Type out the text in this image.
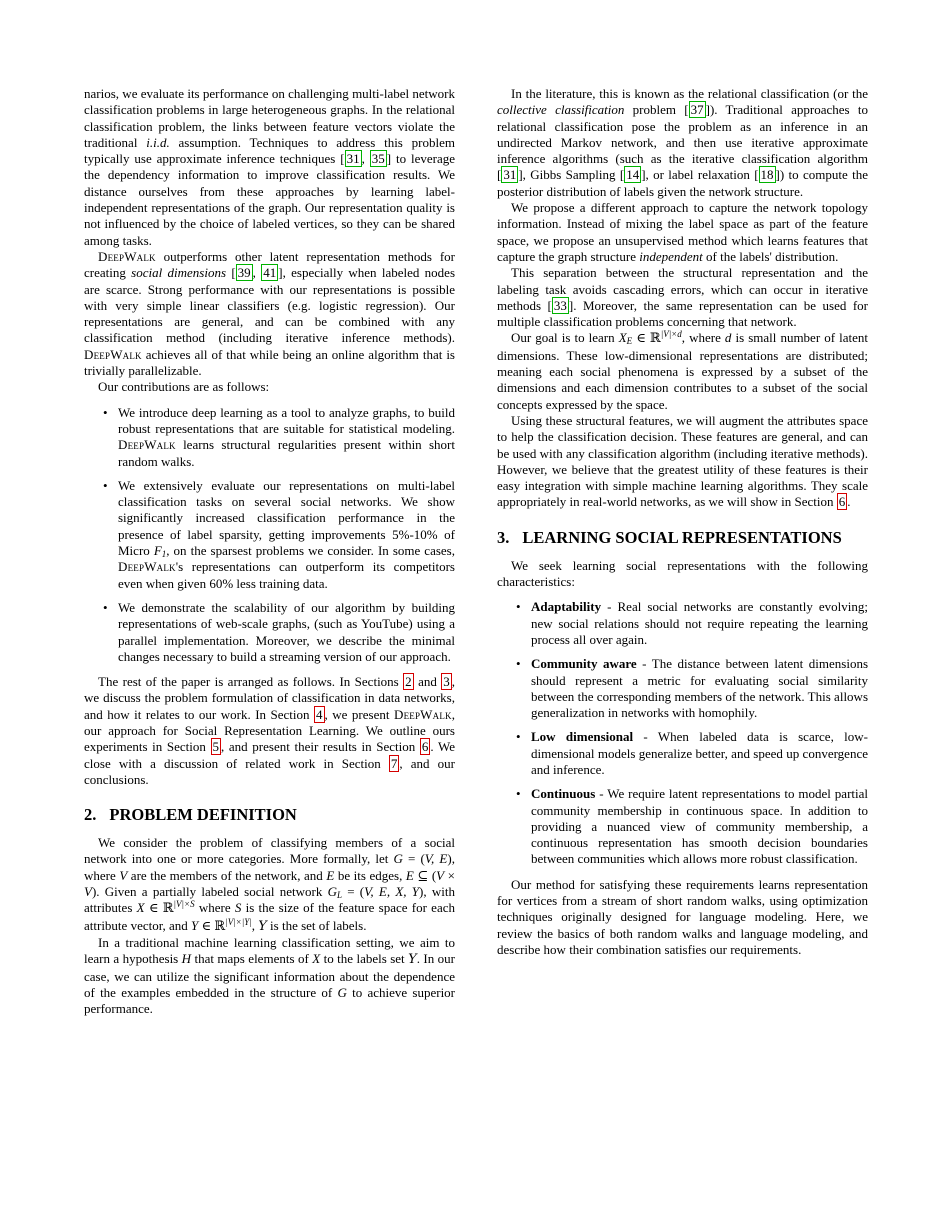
narios, we evaluate its performance on challenging multi-label network classification problems in large heterogeneous graphs. In the relational classification problem, the links between feature vectors violate the traditional i.i.d. assumption. Techniques to address this problem typically use approximate inference techniques [ 31 , 35 ] to leverage the dependency information to improve classification results. We distance ourselves from these approaches by learning label-independent representations of the graph. Our representation quality is not influenced by the choice of labeled vertices, so they can be shared among tasks.

DeepWalk outperforms other latent representation methods for creating social dimensions [ 39 , 41 ], especially when labeled nodes are scarce. Strong performance with our representations is possible with very simple linear classifiers (e.g. logistic regression). Our representations are general, and can be combined with any classification method (including iterative inference methods). DeepWalk achieves all of that while being an online algorithm that is trivially parallelizable.

Our contributions are as follows:

• We introduce deep learning as a tool to analyze graphs, to build robust representations that are suitable for statistical modeling. DeepWalk learns structural regularities present within short random walks.
• We extensively evaluate our representations on multi-label classification tasks on several social networks. We show significantly increased classification performance in the presence of label sparsity, getting improvements 5%-10% of Micro $F_1$, on the sparsest problems we consider. In some cases, DeepWalk's representations can outperform its competitors even when given 60% less training data.
• We demonstrate the scalability of our algorithm by building representations of web-scale graphs, (such as YouTube) using a parallel implementation. Moreover, we describe the minimal changes necessary to build a streaming version of our approach.

The rest of the paper is arranged as follows. In Sections 2 and 3 , we discuss the problem formulation of classification in data networks, and how it relates to our work. In Section 4 , we present DeepWalk, our approach for Social Representation Learning. We outline ours experiments in Section 5 , and present their results in Section 6 . We close with a discussion of related work in Section 7 , and our conclusions.

2. PROBLEM DEFINITION

We consider the problem of classifying members of a social network into one or more categories. More formally, let G = (V, E), where V are the members of the network, and E be its edges, E ⊆ (V × V). Given a partially labeled social network $G_L = (V$, E, X, Y), with attributes X ∈ ℝ$^{|V|\times S}$ where S is the size of the feature space for each attribute vector, and Y ∈ ℝ$^{|V|\times|Y|}$, Y is the set of labels.

In a traditional machine learning classification setting, we aim to learn a hypothesis H that maps elements of X to the labels set Y. In our case, we can utilize the significant information about the dependence of the examples embedded in the structure of G to achieve superior performance.

In the literature, this is known as the relational classification (or the collective classification problem [ 37 ]). Traditional approaches to relational classification pose the problem as an inference in an undirected Markov network, and then use iterative approximate inference algorithms (such as the iterative classification algorithm [ 31 ], Gibbs Sampling [ 14 ], or label relaxation [ 18 ]) to compute the posterior distribution of labels given the network structure.

We propose a different approach to capture the network topology information. Instead of mixing the label space as part of the feature space, we propose an unsupervised method which learns features that capture the graph structure independent of the labels' distribution.

This separation between the structural representation and the labeling task avoids cascading errors, which can occur in iterative methods [ 33 ]. Moreover, the same representation can be used for multiple classification problems concerning that network.

Our goal is to learn $X_E$ ∈ ℝ$^{|V|\times d}$, where d is small number of latent dimensions. These low-dimensional representations are distributed; meaning each social phenomena is expressed by a subset of the dimensions and each dimension contributes to a subset of the social concepts expressed by the space.

Using these structural features, we will augment the attributes space to help the classification decision. These features are general, and can be used with any classification algorithm (including iterative methods). However, we believe that the greatest utility of these features is their easy integration with simple machine learning algorithms. They scale appropriately in real-world networks, as we will show in Section 6 .

3. LEARNING SOCIAL REPRESENTATIONS

We seek learning social representations with the following characteristics:

• Adaptability - Real social networks are constantly evolving; new social relations should not require repeating the learning process all over again.
• Community aware - The distance between latent dimensions should represent a metric for evaluating social similarity between the corresponding members of the network. This allows generalization in networks with homophily.
• Low dimensional - When labeled data is scarce, low-dimensional models generalize better, and speed up convergence and inference.
• Continuous - We require latent representations to model partial community membership in continuous space. In addition to providing a nuanced view of community membership, a continuous representation has smooth decision boundaries between communities which allows more robust classification.

Our method for satisfying these requirements learns representation for vertices from a stream of short random walks, using optimization techniques originally designed for language modeling. Here, we review the basics of both random walks and language modeling, and describe how their combination satisfies our requirements.
